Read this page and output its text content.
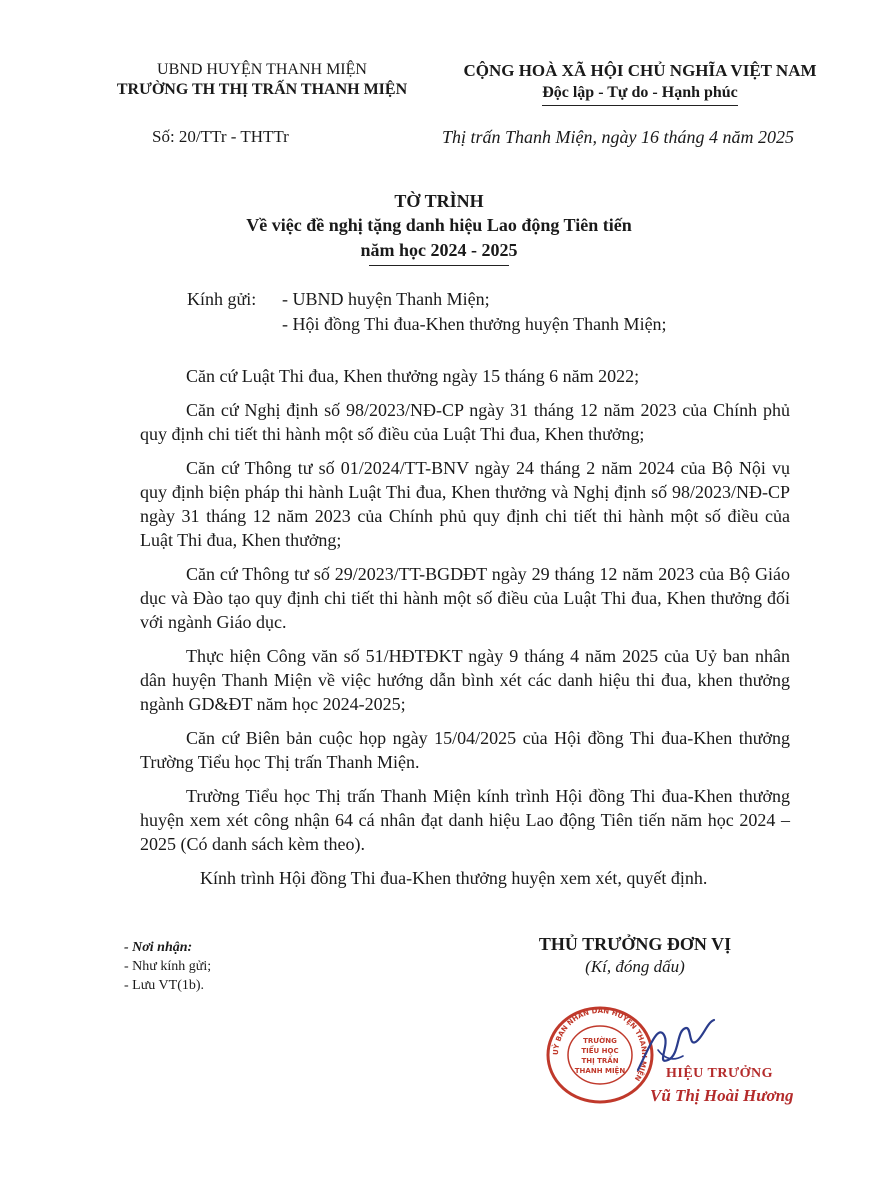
UBND HUYỆN THANH MIỆN
TRƯỜNG TH THỊ TRẤN THANH MIỆN
CỘNG HOÀ XÃ HỘI CHỦ NGHĨA VIỆT NAM
Độc lập - Tự do - Hạnh phúc
Số: 20/TTr - THTTr	Thị trấn Thanh Miện, ngày 16 tháng 4 năm 2025
TỜ TRÌNH
Về việc đề nghị tặng danh hiệu Lao động Tiên tiến
năm học 2024 - 2025
Kính gửi:	- UBND huyện Thanh Miện;
- Hội đồng Thi đua-Khen thưởng huyện Thanh Miện;

Căn cứ Luật Thi đua, Khen thưởng ngày 15 tháng 6 năm 2022;

Căn cứ Nghị định số 98/2023/NĐ-CP ngày 31 tháng 12 năm 2023 của Chính phủ quy định chi tiết thi hành một số điều của Luật Thi đua, Khen thưởng;

Căn cứ Thông tư số 01/2024/TT-BNV ngày 24 tháng 2 năm 2024 của Bộ Nội vụ quy định biện pháp thi hành Luật Thi đua, Khen thưởng và Nghị định số 98/2023/NĐ-CP ngày 31 tháng 12 năm 2023 của Chính phủ quy định chi tiết thi hành một số điều của Luật Thi đua, Khen thưởng;

Căn cứ Thông tư số 29/2023/TT-BGDĐT ngày 29 tháng 12 năm 2023 của Bộ Giáo dục và Đào tạo quy định chi tiết thi hành một số điều của Luật Thi đua, Khen thưởng đối với ngành Giáo dục.

Thực hiện Công văn số 51/HĐTĐKT ngày 9 tháng 4 năm 2025 của Uỷ ban nhân dân huyện Thanh Miện về việc hướng dẫn bình xét các danh hiệu thi đua, khen thưởng ngành GD&ĐT năm học 2024-2025;

Căn cứ Biên bản cuộc họp ngày 15/04/2025 của Hội đồng Thi đua-Khen thưởng Trường Tiểu học Thị trấn Thanh Miện.

Trường Tiểu học Thị trấn Thanh Miện kính trình Hội đồng Thi đua-Khen thưởng huyện xem xét công nhận 64 cá nhân đạt danh hiệu Lao động Tiên tiến năm học 2024 – 2025 (Có danh sách kèm theo).

Kính trình Hội đồng Thi đua-Khen thưởng huyện xem xét, quyết định.

- Nơi nhận:
- Như kính gửi;
- Lưu VT(1b).
THỦ TRƯỞNG ĐƠN VỊ
(Kí, đóng dấu)
UỶ BAN NHÂN DÂN HUYỆN THANH MIỆN
TRƯỜNG
TIỂU HỌC
THỊ TRẤN
THANH MIỆN	HIỆU TRƯỞNG
Vũ Thị Hoài Hương
